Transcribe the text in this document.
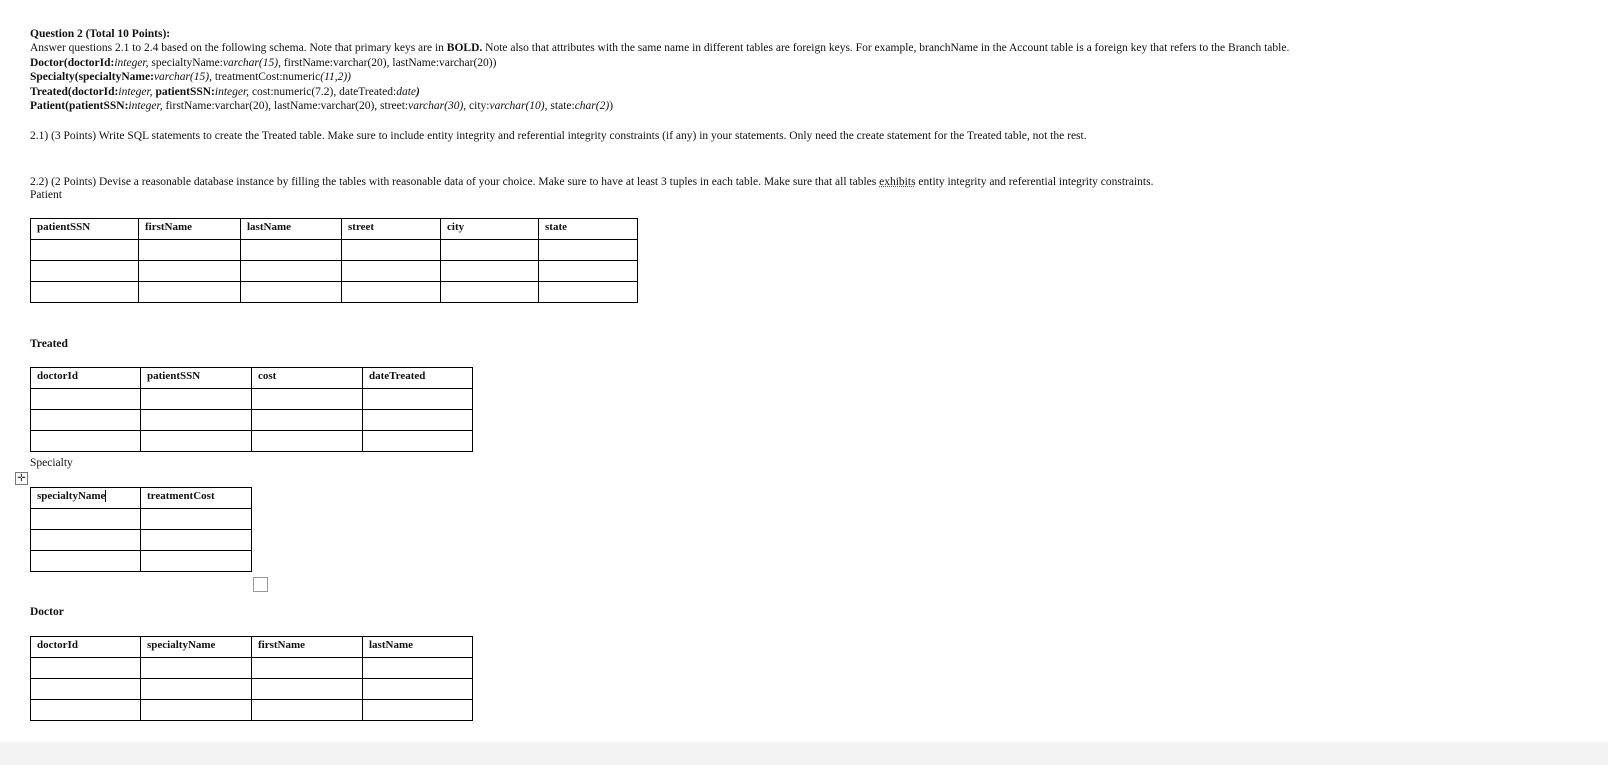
Question 2 (Total 10 Points):
Answer questions 2.1 to 2.4 based on the following schema. Note that primary keys are in BOLD. Note also that attributes with the same name in different tables are foreign keys. For example, branchName in the Account table is a foreign key that refers to the Branch table.
Doctor(doctorId:integer, specialtyName:varchar(15), firstName:varchar(20), lastName:varchar(20))
Specialty(specialtyName:varchar(15), treatmentCost:numeric(11,2))
Treated(doctorId:integer, patientSSN:integer, cost:numeric(7.2), dateTreated:date)
Patient(patientSSN:integer, firstName:varchar(20), lastName:varchar(20), street:varchar(30), city:varchar(10), state:char(2))
2.1) (3 Points) Write SQL statements to create the Treated table. Make sure to include entity integrity and referential integrity constraints (if any) in your statements. Only need the create statement for the Treated table, not the rest.
2.2) (2 Points) Devise a reasonable database instance by filling the tables with reasonable data of your choice. Make sure to have at least 3 tuples in each table. Make sure that all tables exhibits entity integrity and referential integrity constraints.
Patient
patientSSN	firstName	lastName	street	city	state

Treated
doctorId	patientSSN	cost	dateTreated

Specialty
✛
specialtyName	treatmentCost

Doctor
doctorId	specialtyName	firstName	lastName
